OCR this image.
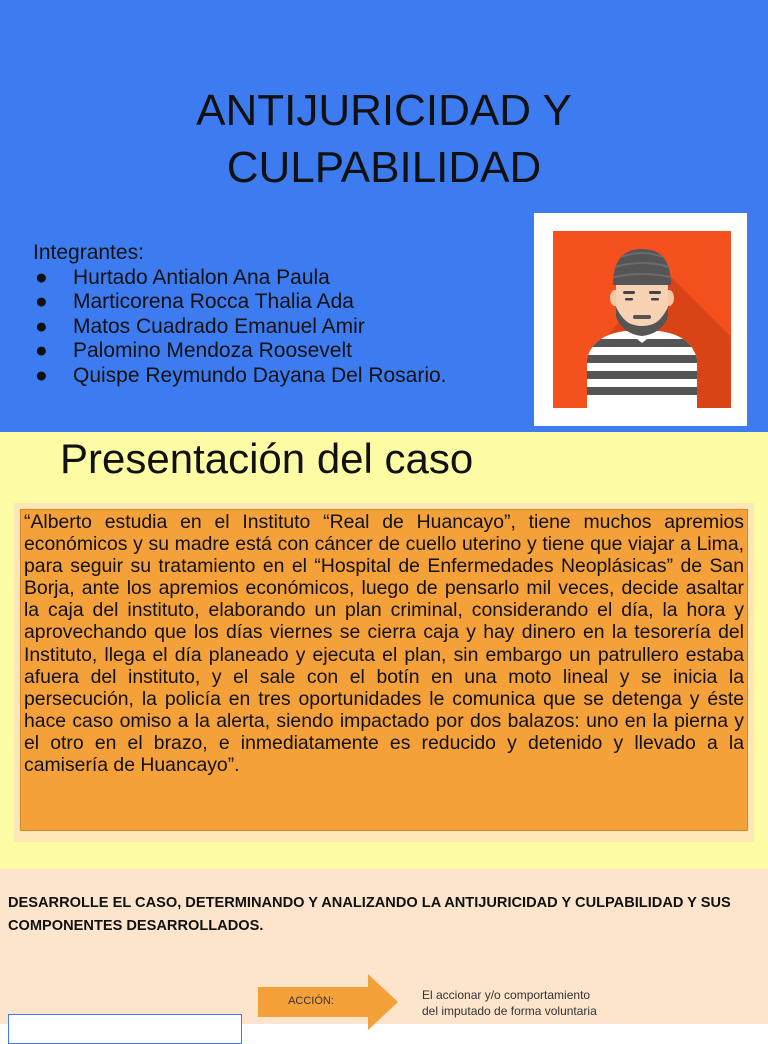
ANTIJURICIDAD Y
CULPABILIDAD
Integrantes:
● Hurtado Antialon Ana Paula
● Marticorena Rocca Thalia Ada
● Matos Cuadrado Emanuel Amir
● Palomino Mendoza Roosevelt
● Quispe Reymundo Dayana Del Rosario.
Presentación del caso

“Alberto estudia en el Instituto “Real de Huancayo”, tiene muchos apremios económicos y su madre está con cáncer de cuello uterino y tiene que viajar a Lima, para seguir su tratamiento en el “Hospital de Enfermedades Neoplásicas” de San Borja, ante los apremios económicos, luego de pensarlo mil veces, decide asaltar la caja del instituto, elaborando un plan criminal, considerando el día, la hora y aprovechando que los días viernes se cierra caja y hay dinero en la tesorería del Instituto, llega el día planeado y ejecuta el plan, sin embargo un patrullero estaba afuera del instituto, y el sale con el botín en una moto lineal y se inicia la persecución, la policía en tres oportunidades le comunica que se detenga y éste hace caso omiso a la alerta, siendo impactado por dos balazos: uno en la pierna y el otro en el brazo, e inmediatamente es reducido y detenido y llevado a la camisería de Huancayo”.

DESARROLLE EL CASO, DETERMINANDO Y ANALIZANDO LA ANTIJURICIDAD Y CULPABILIDAD Y SUS COMPONENTES DESARROLLADOS.

ACCIÓN:	El accionar y/o comportamiento
del imputado de forma voluntaria
